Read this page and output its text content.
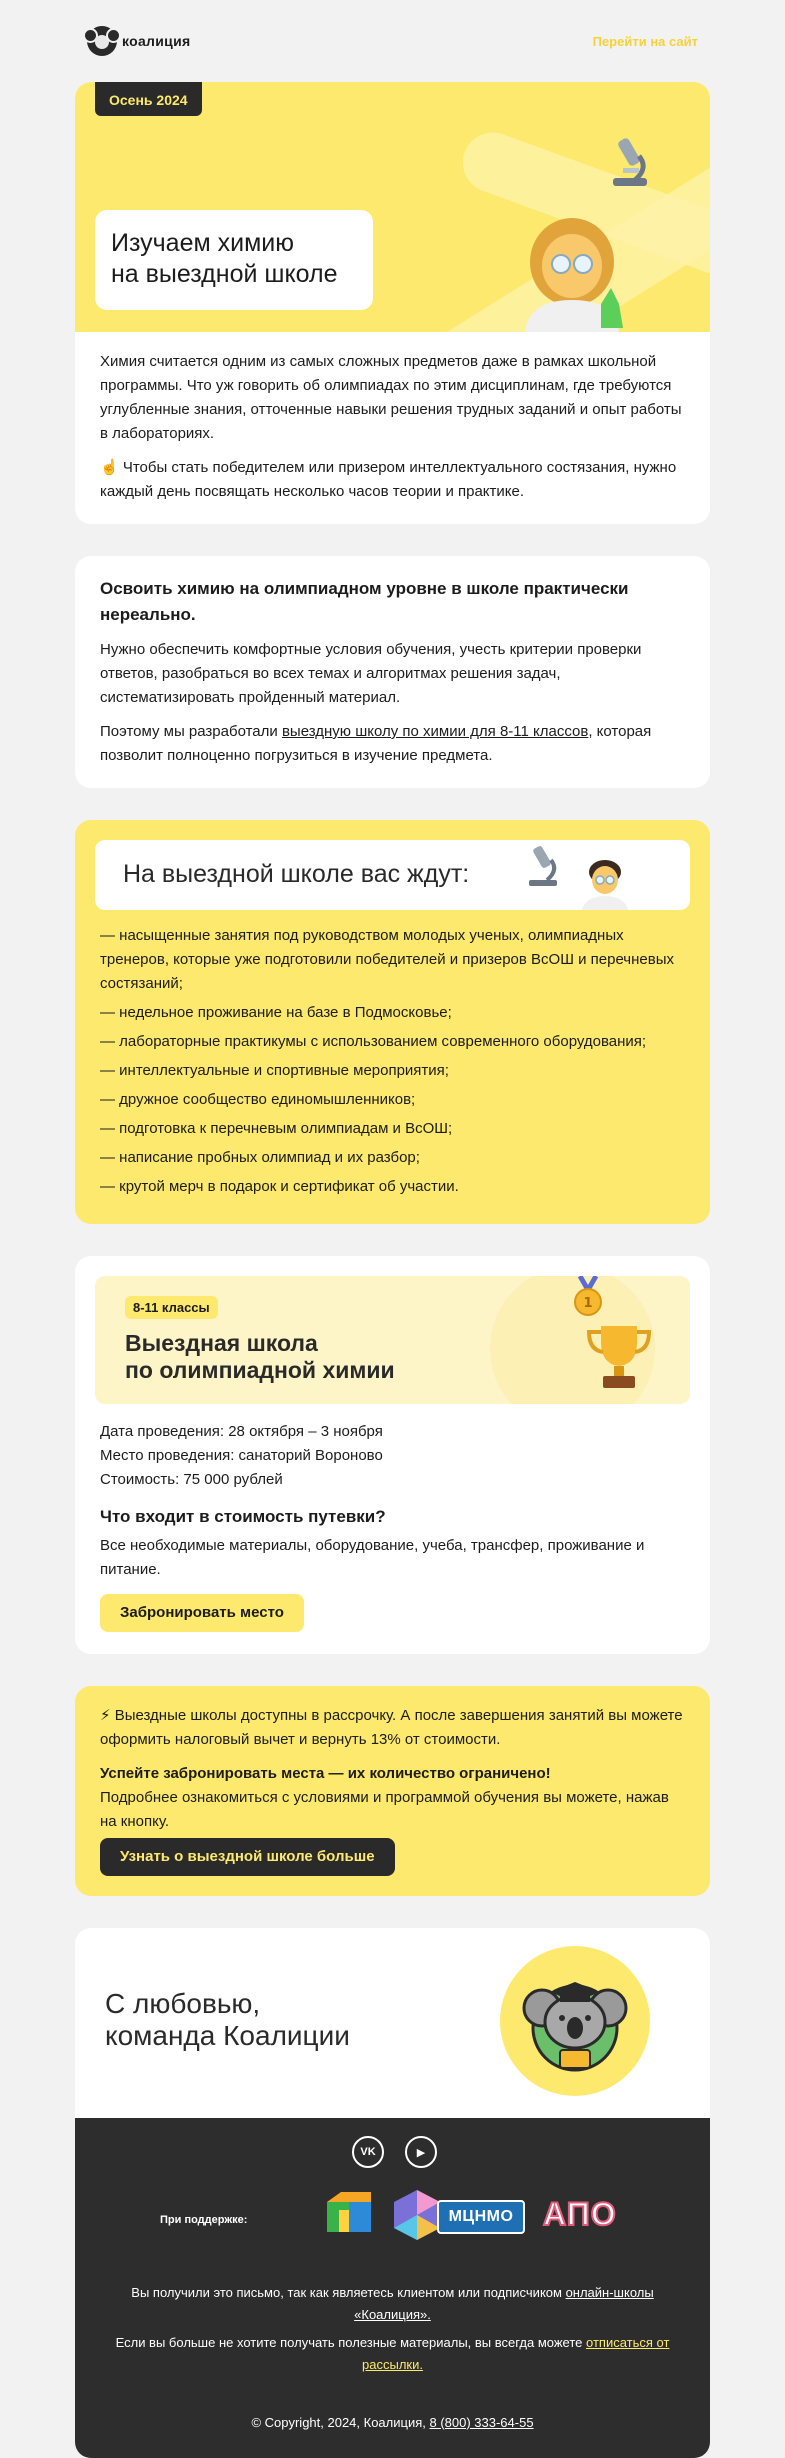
коалиция	Перейти на сайт
Осень 2024
Изучаем химию
на выездной школе

Химия считается одним из самых сложных предметов даже в рамках школьной программы. Что уж говорить об олимпиадах по этим дисциплинам, где требуются углубленные знания, отточенные навыки решения трудных заданий и опыт работы в лабораториях.

☝️ Чтобы стать победителем или призером интеллектуального состязания, нужно каждый день посвящать несколько часов теории и практике.

Освоить химию на олимпиадном уровне в школе практически нереально.

Нужно обеспечить комфортные условия обучения, учесть критерии проверки ответов, разобраться во всех темах и алгоритмах решения задач, систематизировать пройденный материал.

Поэтому мы разработали выездную школу по химии для 8-11 классов, которая позволит полноценно погрузиться в изучение предмета.

На выездной школе вас ждут:
— насыщенные занятия под руководством молодых ученых, олимпиадных тренеров, которые уже подготовили победителей и призеров ВсОШ и перечневых состязаний;
— недельное проживание на базе в Подмосковье;
— лабораторные практикумы с использованием современного оборудования;
— интеллектуальные и спортивные мероприятия;
— дружное сообщество единомышленников;
— подготовка к перечневым олимпиадам и ВсОШ;
— написание пробных олимпиад и их разбор;
— крутой мерч в подарок и сертификат об участии.
8-11 классы
Выездная школа
по олимпиадной химии
1
Дата проведения: 28 октября – 3 ноября
Место проведения: санаторий Вороново
Стоимость: 75 000 рублей
Что входит в стоимость путевки?
Все необходимые материалы, оборудование, учеба, трансфер, проживание и питание.
Забронировать место

⚡ Выездные школы доступны в рассрочку. А после завершения занятий вы можете оформить налоговый вычет и вернуть 13% от стоимости.

Успейте забронировать места — их количество ограничено!

Подробнее ознакомиться с условиями и программой обучения вы можете, нажав на кнопку.

Узнать о выездной школе больше
С любовью,
команда Коалиции
VK	▶
При поддержке:	МЦНМО АПО
Вы получили это письмо, так как являетесь клиентом или подписчиком онлайн-школы «Коалиция».
Если вы больше не хотите получать полезные материалы, вы всегда можете отписаться от рассылки.
© Copyright, 2024, Коалиция, 8 (800) 333-64-55
